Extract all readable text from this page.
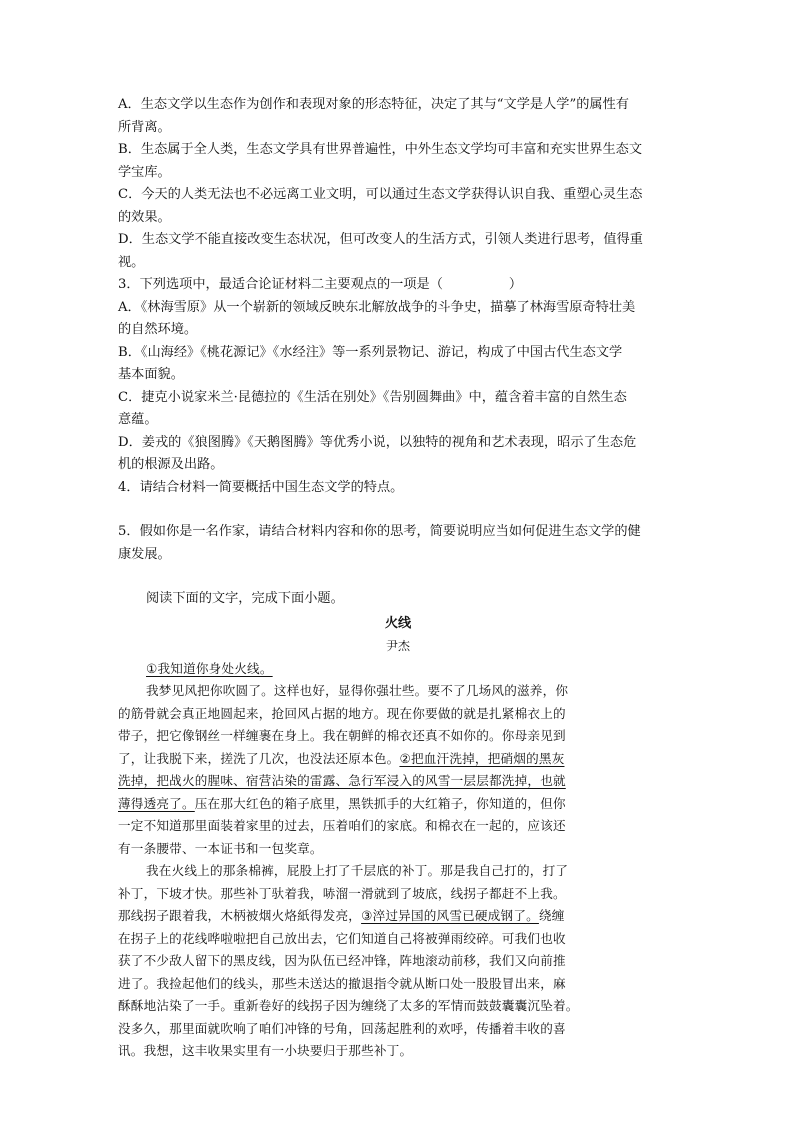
A．生态文学以生态作为创作和表现对象的形态特征，决定了其与“文学是人学”的属性有
所背离。
B．生态属于全人类，生态文学具有世界普遍性，中外生态文学均可丰富和充实世界生态文
学宝库。
C．今天的人类无法也不必远离工业文明，可以通过生态文学获得认识自我、重塑心灵生态
的效果。
D．生态文学不能直接改变生态状况，但可改变人的生活方式，引领人类进行思考，值得重
视。
3．下列选项中，最适合论证材料二主要观点的一项是（　　　　　）
A．《林海雪原》从一个崭新的领域反映东北解放战争的斗争史，描摹了林海雪原奇特壮美
的自然环境。
B．《山海经》《桃花源记》《水经注》等一系列景物记、游记，构成了中国古代生态文学
基本面貌。
C．捷克小说家米兰·昆德拉的《生活在别处》《告别圆舞曲》中，蕴含着丰富的自然生态
意蕴。
D．姜戎的《狼图腾》《天鹅图腾》等优秀小说，以独特的视角和艺术表现，昭示了生态危
机的根源及出路。
4．请结合材料一简要概括中国生态文学的特点。
5．假如你是一名作家，请结合材料内容和你的思考，简要说明应当如何促进生态文学的健
康发展。
阅读下面的文字，完成下面小题。
火线
尹杰
①我知道你身处火线。
我梦见风把你吹圆了。这样也好，显得你强壮些。要不了几场风的滋养，你
的筋骨就会真正地圆起来，抢回风占据的地方。现在你要做的就是扎紧棉衣上的
带子，把它像钢丝一样缠裹在身上。我在朝鲜的棉衣还真不如你的。你母亲见到
了，让我脱下来，搓洗了几次，也没法还原本色。②把血汗洗掉，把硝烟的黑灰
洗掉，把战火的腥味、宿营沾染的雷露、急行军浸入的风雪一层层都洗掉，也就
薄得透亮了。压在那大红色的箱子底里，黑铁抓手的大红箱子，你知道的，但你
一定不知道那里面装着家里的过去，压着咱们的家底。和棉衣在一起的，应该还
有一条腰带、一本证书和一包奖章。
我在火线上的那条棉裤，屁股上打了千层底的补丁。那是我自己打的，打了
补丁，下坡才快。那些补丁驮着我，哧溜一滑就到了坡底，线拐子都赶不上我。
那线拐子跟着我，木柄被烟火烙紙得发亮，③淬过异国的风雪已硬成钢了。绕缠
在拐子上的花线哗啦啦把自己放出去，它们知道自己将被弹雨绞碎。可我们也收
获了不少敌人留下的黑皮线，因为队伍已经冲锋，阵地滚动前移，我们又向前推
进了。我捡起他们的线头，那些未送达的撤退指令就从断口处一股股冒出来，麻
酥酥地沾染了一手。重新卷好的线拐子因为缠绕了太多的军情而鼓鼓囊囊沉坠着。
没多久，那里面就吹响了咱们冲锋的号角，回荡起胜利的欢呼，传播着丰收的喜
讯。我想，这丰收果实里有一小块要归于那些补丁。
